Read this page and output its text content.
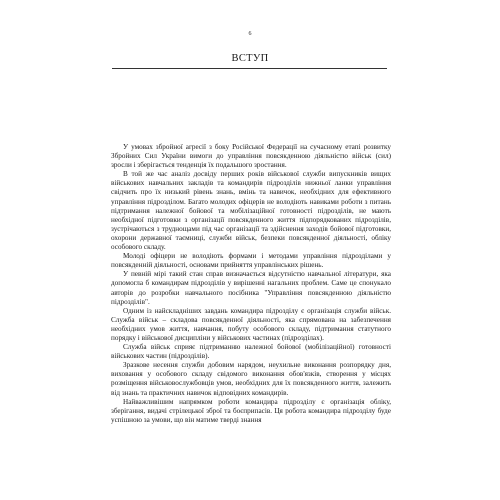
6
ВСТУП

У умовах збройної агресії з боку Російської Федерації на сучасному етапі розвитку Збройних Сил України вимоги до управління повсякденною діяльністю військ (сил) зросли і зберігається тенденція їх подальшого зростання.

В той же час аналіз досвіду перших років військової служби випускників вищих військових навчальних закладів та командирів підрозділів нижньої ланки управління свідчить про їх низький рівень знань, вмінь та навичок, необхідних для ефективного управління підрозділом. Багато молодих офіцерів не володіють навиками роботи з питань підтримання належної бойової та мобілізаційної готовності підрозділів, не мають необхідної підготовки з організації повсякденного життя підпорядкованих підрозділів, зустрічаються з труднощами під час організації та здійснення заходів бойової підготовки, охорони державної таємниці, служби військ, безпеки повсякденної діяльності, обліку особового складу.

Молоді офіцери не володіють формами і методами управління підрозділами у повсякденній діяльності, основами прийняття управлінських рішень.

У певній мірі такий стан справ визначається відсутністю навчальної літератури, яка допомогла б командирам підрозділів у вирішенні нагальних проблем. Саме це спонукало авторів до розробки навчального посібника "Управління повсякденною діяльністю підрозділів".

Одним із найскладніших завдань командира підрозділу є організація служби військ. Служба військ – складова повсякденної діяльності, яка спрямована на забезпечення необхідних умов життя, навчання, побуту особового складу, підтримання статутного порядку і військової дисципліни у військових частинах (підрозділах).

Служба військ сприяє підтриманню належної бойової (мобілізаційної) готовності військових частин (підрозділів).

Зразкове несення служби добовим нарядом, неухильне виконання розпорядку дня, виховання у особового складу свідомого виконання обов'язків, створення у місцях розміщення військовослужбовців умов, необхідних для їх повсякденного життя, залежить від знань та практичних навичок відповідних командирів.

Найважливішим напрямком роботи командира підрозділу є організація обліку, зберігання, видачі стрілецької зброї та боєприпасів. Ця робота командира підрозділу буде успішною за умови, що він матиме тверді знання
